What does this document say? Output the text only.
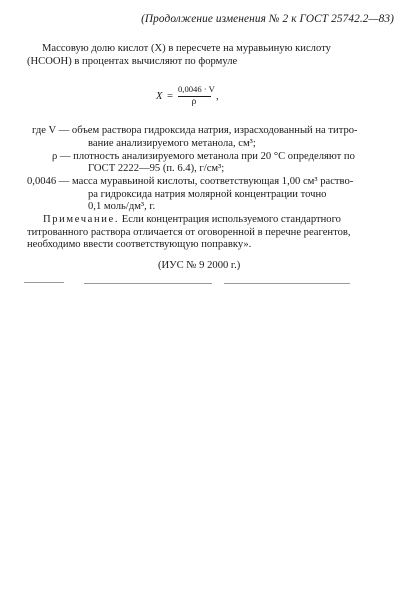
(Продолжение изменения № 2 к ГОСТ 25742.2—83)
Массовую долю кислот (X) в пересчете на муравьиную кислоту
(HCOOH) в процентах вычисляют по формуле
X =
0,0046 · V
ρ	,
где V — объем раствора гидроксида натрия, израсходованный на титро-
вание анализируемого метанола, см³;
ρ — плотность анализируемого метанола при 20 °С определяют по
ГОСТ 2222—95 (п. 6.4), г/см³;
0,0046 — масса муравьиной кислоты, соответствующая 1,00 см³ раство-
ра гидроксида натрия молярной концентрации точно
0,1 моль/дм³, г.
Примечание. Если концентрация используемого стандартного
титрованного раствора отличается от оговоренной в перечне реагентов,
необходимо ввести соответствующую поправку».
(ИУС № 9 2000 г.)
